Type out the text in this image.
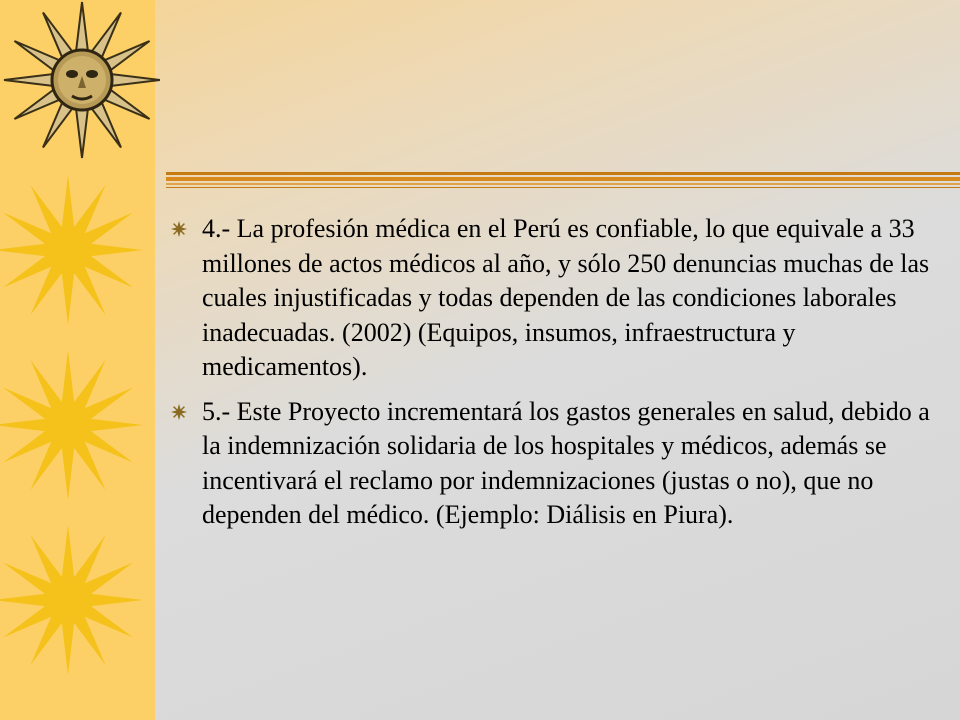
4.- La profesión médica en el Perú es confiable, lo que equivale a 33 millones de actos médicos al año, y sólo 250 denuncias muchas de las cuales injustificadas y todas dependen de las condiciones laborales inadecuadas. (2002) (Equipos, insumos, infraestructura y medicamentos).
5.- Este Proyecto incrementará los gastos generales en salud, debido a la indemnización solidaria de los hospitales y médicos, además se incentivará el reclamo por indemnizaciones (justas o no), que no dependen del médico. (Ejemplo: Diálisis en Piura).
